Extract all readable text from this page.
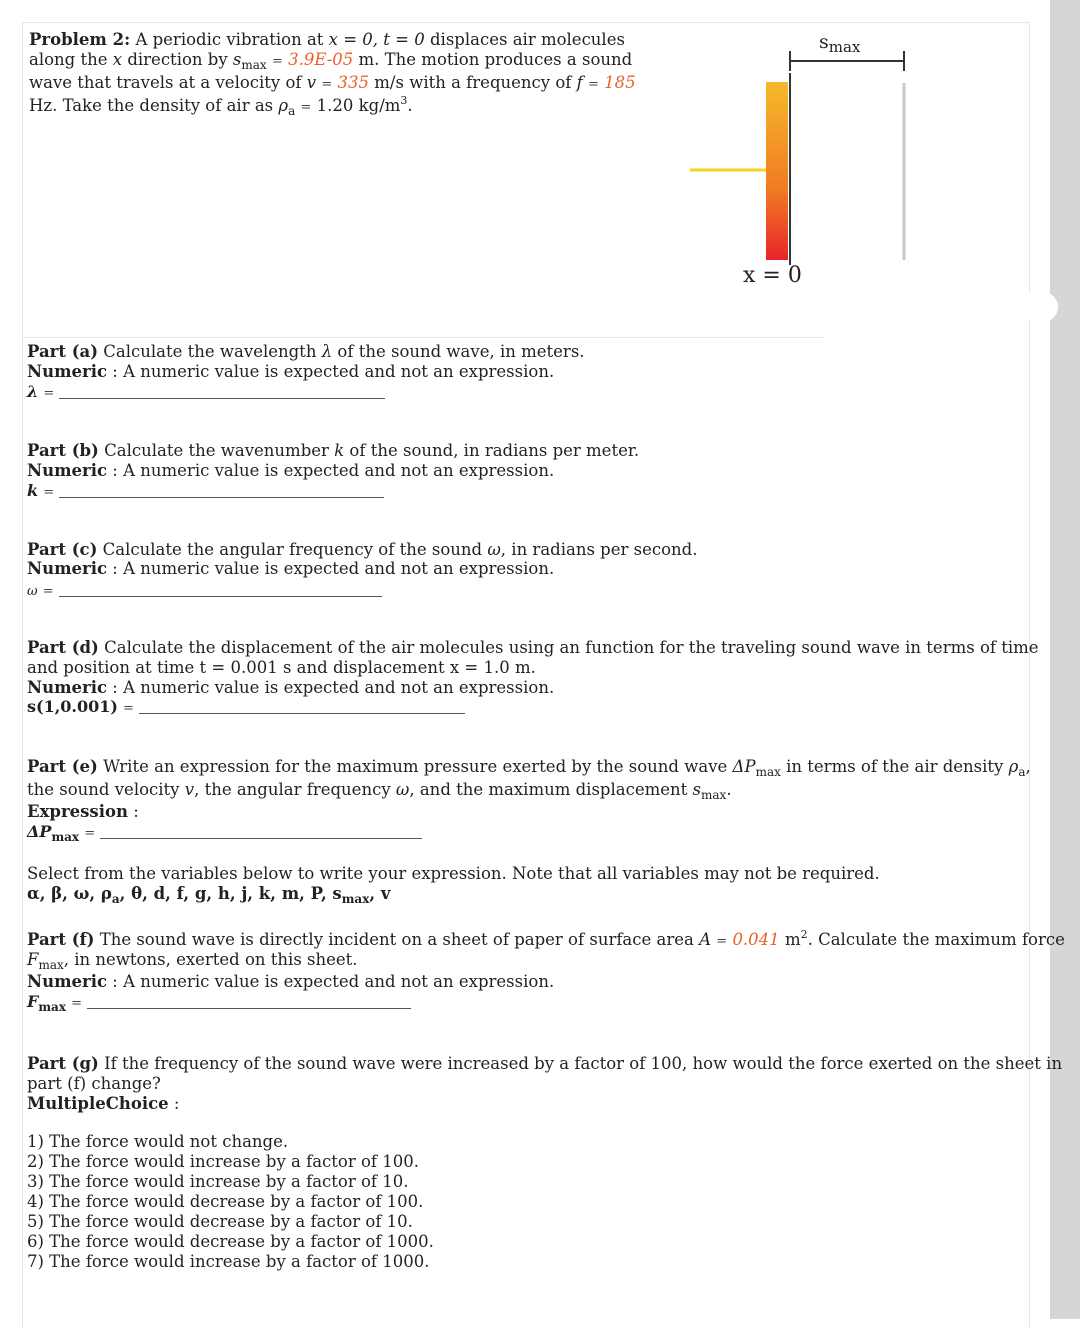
Problem 2: A periodic vibration at x = 0, t = 0 displaces air molecules
along the x direction by $s_{max} = 3.9E-05$ m. The motion produces a sound
wave that travels at a velocity of v = 335 m/s with a frequency of f = 185
Hz. Take the density of air as $\rho_a = 1.20$ $kg/m^3$.
$s_{max}$
x = 0
Part (a) Calculate the wavelength λ of the sound wave, in meters.
Numeric : A numeric value is expected and not an expression.
λ =
Part (b) Calculate the wavenumber k of the sound, in radians per meter.
Numeric : A numeric value is expected and not an expression.
k =
Part (c) Calculate the angular frequency of the sound ω, in radians per second.
Numeric : A numeric value is expected and not an expression.
ω =
Part (d) Calculate the displacement of the air molecules using an function for the traveling sound wave in terms of time
and position at time t = 0.001 s and displacement x = 1.0 m.
Numeric : A numeric value is expected and not an expression.
s(1,0.001) =
Part (e) Write an expression for the maximum pressure exerted by the sound wave $\Delta P_{max}$ in terms of the air density $\rho_a$,
the sound velocity v, the angular frequency ω, and the maximum displacement $s_{max}$.
Expression :
$\Delta P_{max}$ =
Select from the variables below to write your expression. Note that all variables may not be required.
α, β, ω, $\rho_a$, θ, d, f, g, h, j, k, m, P, $s_{max}$, v
Part (f) The sound wave is directly incident on a sheet of paper of surface area A = 0.041 $m^2$. Calculate the maximum force
$F_{max}$, in newtons, exerted on this sheet.
Numeric : A numeric value is expected and not an expression.
$F_{max}$ =
Part (g) If the frequency of the sound wave were increased by a factor of 100, how would the force exerted on the sheet in
part (f) change?
MultipleChoice :
1) The force would not change.
2) The force would increase by a factor of 100.
3) The force would increase by a factor of 10.
4) The force would decrease by a factor of 100.
5) The force would decrease by a factor of 10.
6) The force would decrease by a factor of 1000.
7) The force would increase by a factor of 1000.
